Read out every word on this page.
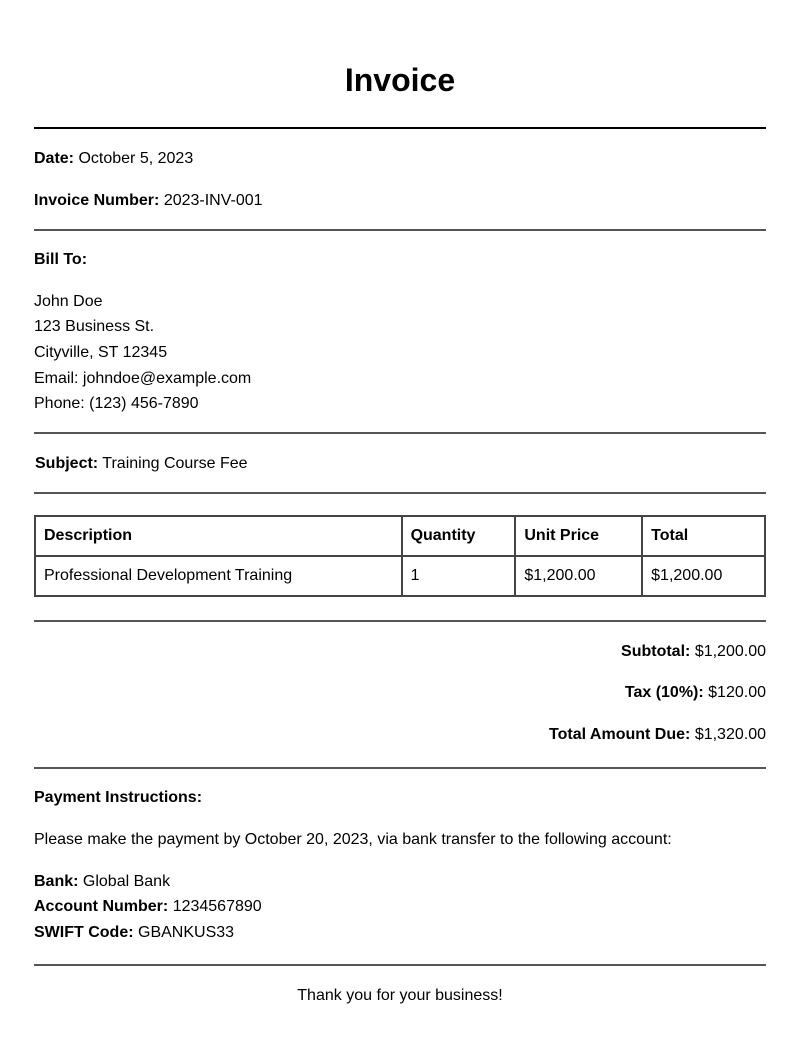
Invoice
Date: October 5, 2023
Invoice Number: 2023-INV-001
Bill To:
John Doe
123 Business St.
Cityville, ST 12345
Email: johndoe@example.com
Phone: (123) 456-7890
Subject: Training Course Fee
Description	Quantity	Unit Price	Total
Professional Development Training	1	$1,200.00	$1,200.00
Subtotal: $1,200.00
Tax (10%): $120.00
Total Amount Due: $1,320.00
Payment Instructions:
Please make the payment by October 20, 2023, via bank transfer to the following account:
Bank: Global Bank
Account Number: 1234567890
SWIFT Code: GBANKUS33
Thank you for your business!
